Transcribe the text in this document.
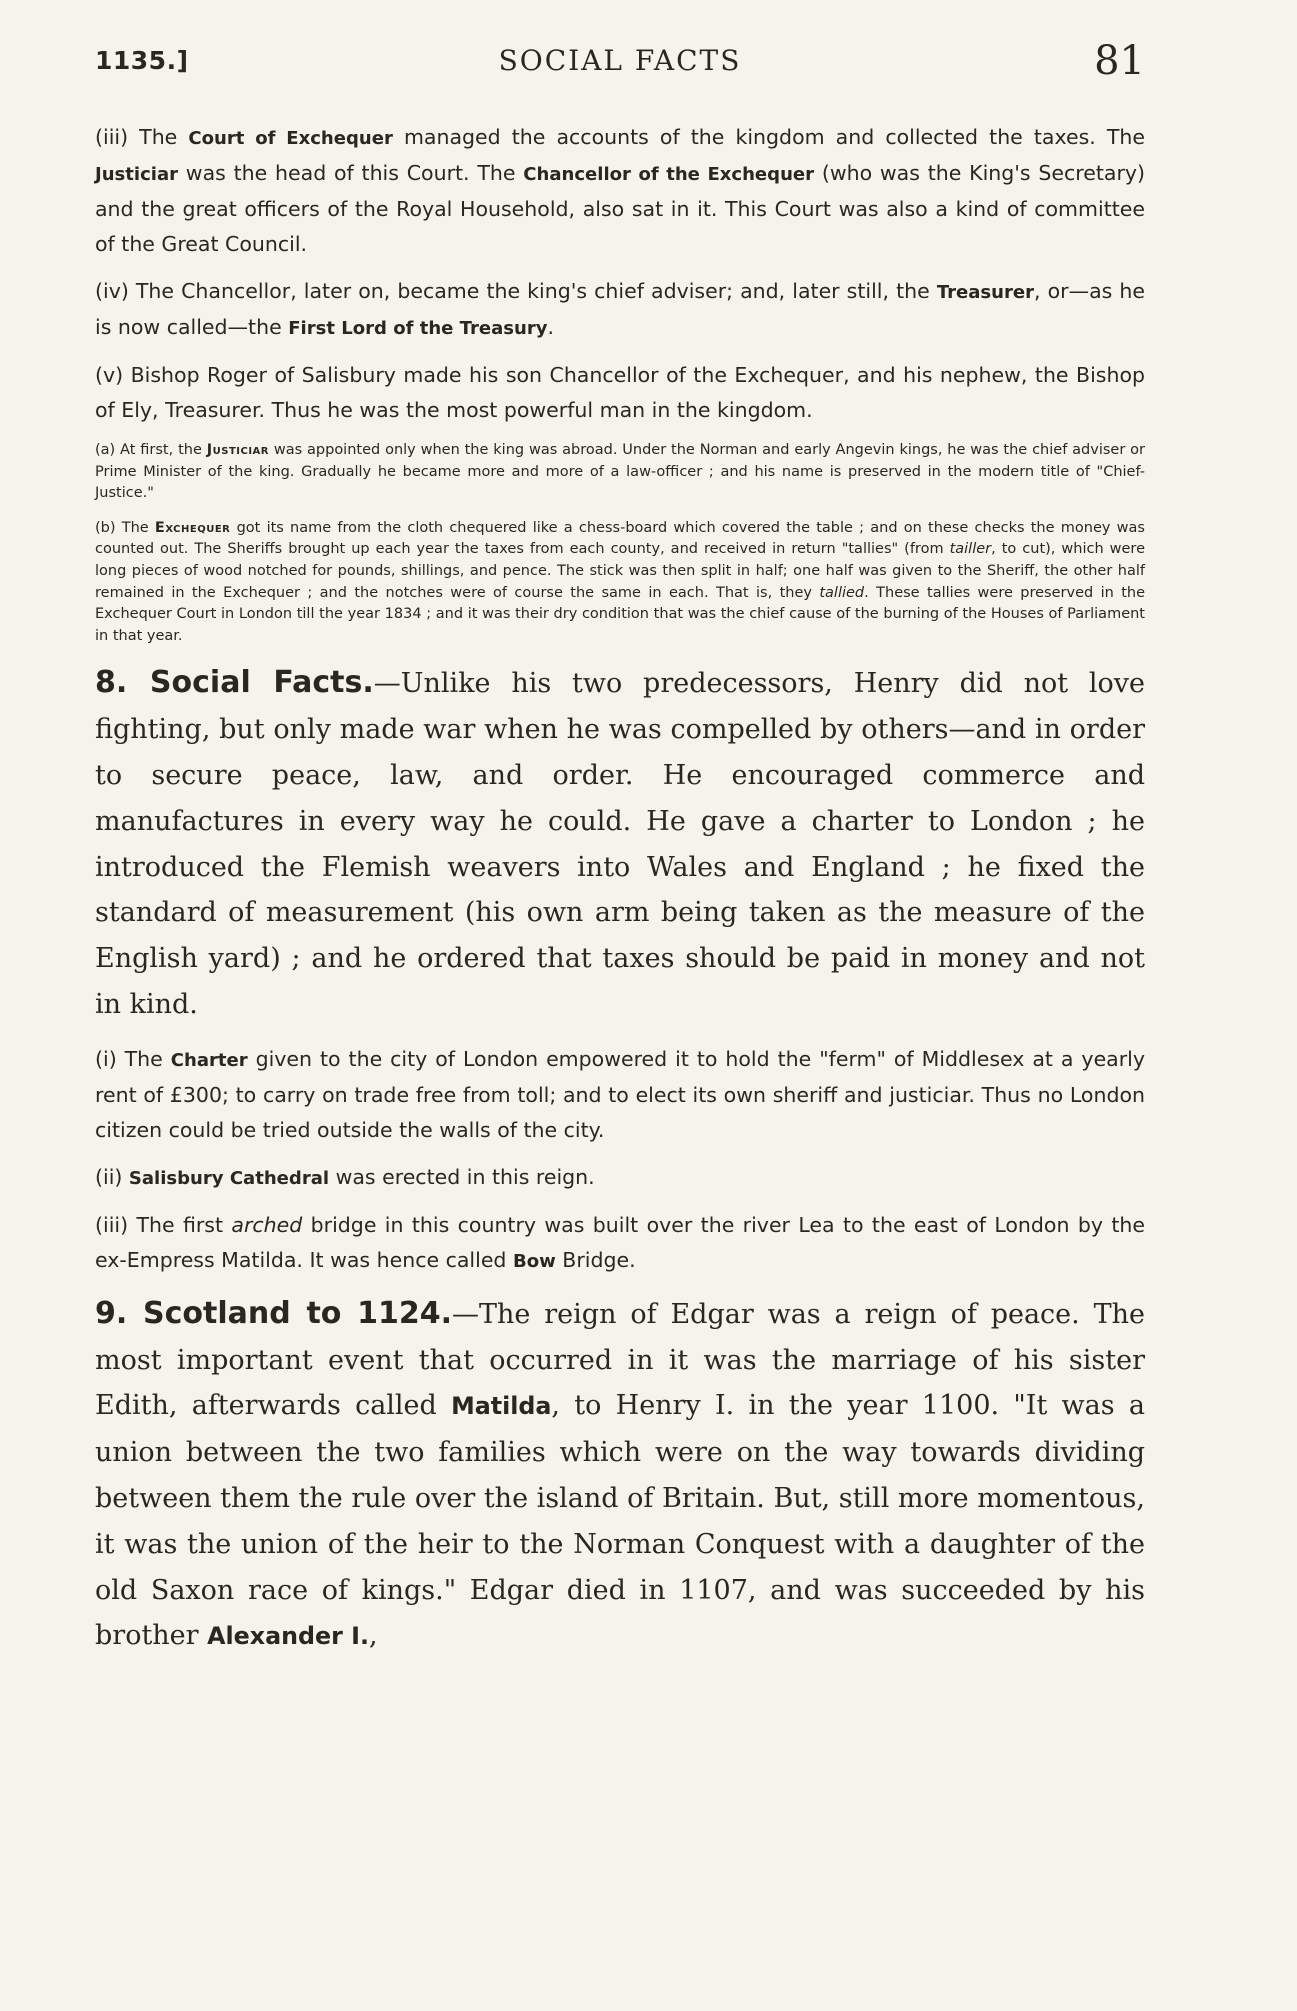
1135.]	SOCIAL FACTS	81

(iii) The Court of Exchequer managed the accounts of the kingdom and collected the taxes. The Justiciar was the head of this Court. The Chancellor of the Exchequer (who was the King's Secretary) and the great officers of the Royal Household, also sat in it. This Court was also a kind of committee of the Great Council.

(iv) The Chancellor, later on, became the king's chief adviser; and, later still, the Treasurer, or—as he is now called—the First Lord of the Treasury.

(v) Bishop Roger of Salisbury made his son Chancellor of the Exchequer, and his nephew, the Bishop of Ely, Treasurer. Thus he was the most powerful man in the kingdom.

(a) At first, the Justiciar was appointed only when the king was abroad. Under the Norman and early Angevin kings, he was the chief adviser or Prime Minister of the king. Gradually he became more and more of a law-officer ; and his name is preserved in the modern title of "Chief-Justice."

(b) The Exchequer got its name from the cloth chequered like a chess-board which covered the table ; and on these checks the money was counted out. The Sheriffs brought up each year the taxes from each county, and received in return "tallies" (from tailler, to cut), which were long pieces of wood notched for pounds, shillings, and pence. The stick was then split in half; one half was given to the Sheriff, the other half remained in the Exchequer ; and the notches were of course the same in each. That is, they tallied. These tallies were preserved in the Exchequer Court in London till the year 1834 ; and it was their dry condition that was the chief cause of the burning of the Houses of Parliament in that year.

8. Social Facts.—Unlike his two predecessors, Henry did not love fighting, but only made war when he was compelled by others—and in order to secure peace, law, and order. He encouraged commerce and manufactures in every way he could. He gave a charter to London ; he introduced the Flemish weavers into Wales and England ; he fixed the standard of measurement (his own arm being taken as the measure of the English yard) ; and he ordered that taxes should be paid in money and not in kind.

(i) The Charter given to the city of London empowered it to hold the "ferm" of Middlesex at a yearly rent of £300; to carry on trade free from toll; and to elect its own sheriff and justiciar. Thus no London citizen could be tried outside the walls of the city.

(ii) Salisbury Cathedral was erected in this reign.

(iii) The first arched bridge in this country was built over the river Lea to the east of London by the ex-Empress Matilda. It was hence called Bow Bridge.

9. Scotland to 1124.—The reign of Edgar was a reign of peace. The most important event that occurred in it was the marriage of his sister Edith, afterwards called Matilda, to Henry I. in the year 1100. "It was a union between the two families which were on the way towards dividing between them the rule over the island of Britain. But, still more momentous, it was the union of the heir to the Norman Conquest with a daughter of the old Saxon race of kings." Edgar died in 1107, and was succeeded by his brother Alexander I.,
